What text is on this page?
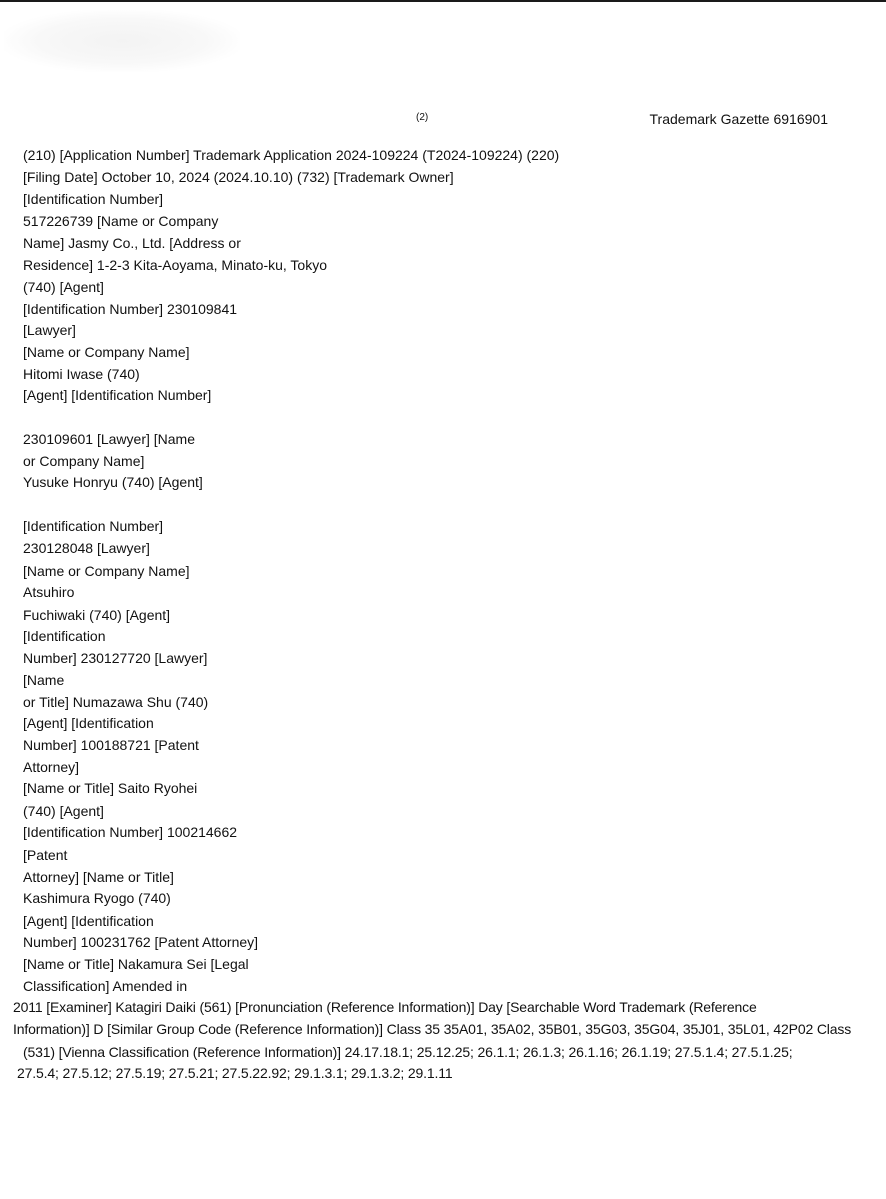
(2)	Trademark Gazette 6916901
(210) [Application Number] Trademark Application 2024-109224 (T2024-109224) (220)
[Filing Date] October 10, 2024 (2024.10.10) (732) [Trademark Owner]
[Identification Number]
517226739 [Name or Company
Name] Jasmy Co., Ltd. [Address or
Residence] 1-2-3 Kita-Aoyama, Minato-ku, Tokyo
(740) [Agent]
[Identification Number] 230109841
[Lawyer]
[Name or Company Name]
Hitomi Iwase (740)
[Agent] [Identification Number]
230109601 [Lawyer] [Name
or Company Name]
Yusuke Honryu (740) [Agent]
[Identification Number]
230128048 [Lawyer]
[Name or Company Name]
Atsuhiro
Fuchiwaki (740) [Agent]
[Identification
Number] 230127720 [Lawyer]
[Name
or Title] Numazawa Shu (740)
[Agent] [Identification
Number] 100188721 [Patent
Attorney]
[Name or Title] Saito Ryohei
(740) [Agent]
[Identification Number] 100214662
[Patent
Attorney] [Name or Title]
Kashimura Ryogo (740)
[Agent] [Identification
Number] 100231762 [Patent Attorney]
[Name or Title] Nakamura Sei [Legal
Classification] Amended in
2011 [Examiner] Katagiri Daiki (561) [Pronunciation (Reference Information)] Day [Searchable Word Trademark (Reference
Information)] D [Similar Group Code (Reference Information)] Class 35 35A01, 35A02, 35B01, 35G03, 35G04, 35J01, 35L01, 42P02 Class
(531) [Vienna Classification (Reference Information)] 24.17.18.1; 25.12.25; 26.1.1; 26.1.3; 26.1.16; 26.1.19; 27.5.1.4; 27.5.1.25;
27.5.4; 27.5.12; 27.5.19; 27.5.21; 27.5.22.92; 29.1.3.1; 29.1.3.2; 29.1.11
